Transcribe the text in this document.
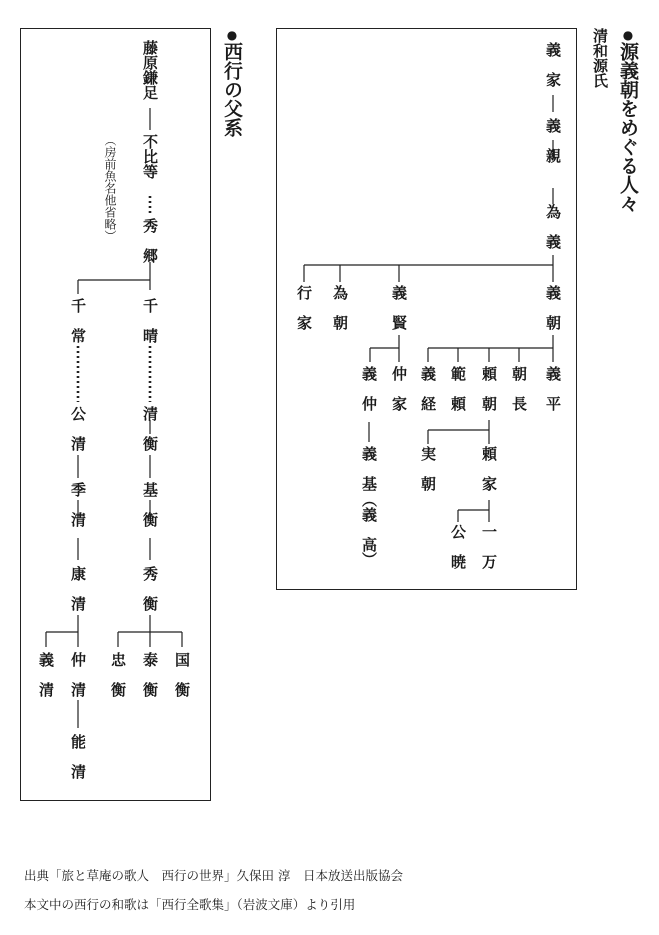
●源義朝をめぐる人々
清和源氏
●西行の父系	義　家
義　親
為　義
行　家 為　朝	義　賢	義　朝
義　仲 仲　家 義　経 範　頼 頼　朝 朝　長 義　平
義　基
（義　高）
実　朝	頼　家
公　暁 一　万
藤原鎌足
不比等
秀　郷
（房前魚名他省略）
千　晴
千　常
清　衡
基　衡
秀　衡
公　清
季　清
康　清
国　衡
泰　衡
忠　衡
仲　清
義　清
能　清
出典「旅と草庵の歌人　西行の世界」久保田 淳　日本放送出版協会
本文中の西行の和歌は「西行全歌集」（岩波文庫）より引用
